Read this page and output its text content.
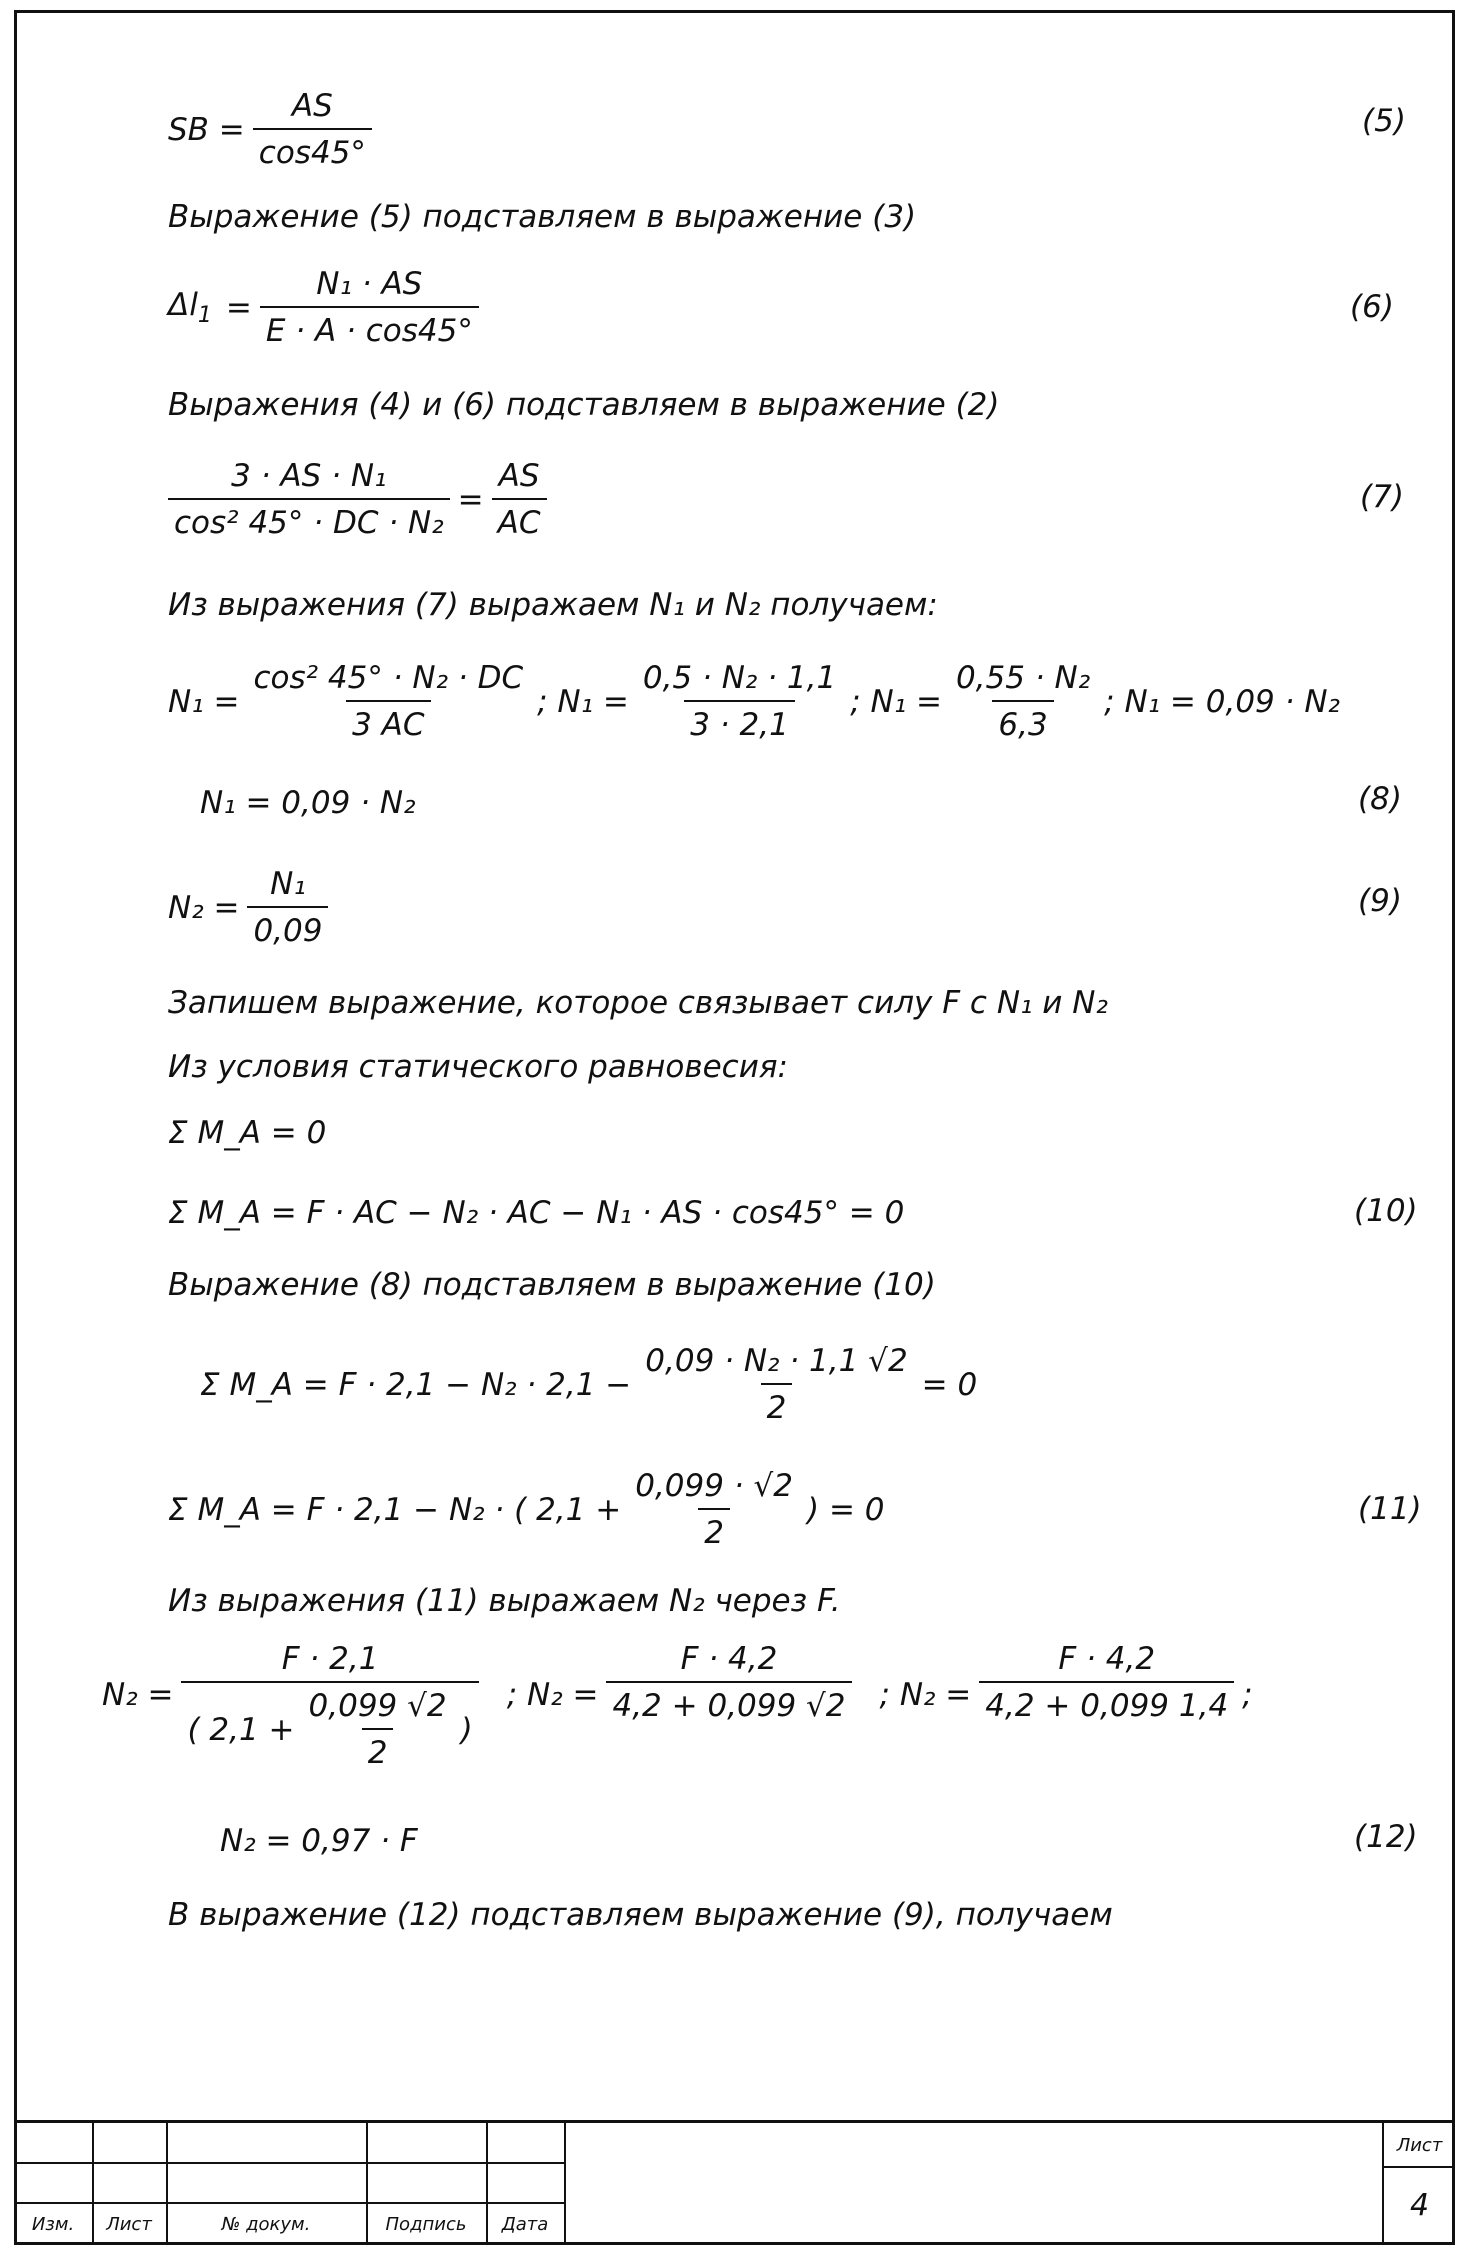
SB = $\frac{AS}{\cos 45^\circ}$	(5)
Выражение (5) подставляем в выражение (3)
$\Delta l_1 = \frac{\text{N₁ · AS}}{E \cdot A \cdot \cos 45^\circ}$	(6)
Выражения (4) и (6) подставляем в выражение (2)
$\frac{\text{3 · AS · N₁}}{\text{cos² 45° · DC · N₂}} = \frac{AS}{AC}$	(7)
Из выражения (7) выражаем N₁ и N₂ получаем:
$N_1 = \frac{\text{cos² 45° · N₂ · DC}}{3 AC}$ ; $N_1 = \frac{\text{0,5 · N₂ · 1,1}}{3 \cdot 2,1}$ ; $N_1 = \frac{\text{0,55 · N₂}}{6,3}$ ; N₁ = 0,09 · N₂
N₁ = 0,09 · N₂	(8)
$N_2 = \frac{\text{N₁}}{0,09}$	(9)
Запишем выражение, которое связывает силу F с N₁ и N₂
Из условия статического равновесия:
Σ M_A = 0
Σ M_A = F · AC − N₂ · AC − N₁ · AS · cos45° = 0	(10)
Выражение (8) подставляем в выражение (10)
Σ M_A = $F \cdot 2,1 - N_2 \cdot 2,1 - \frac{\text{0,09 · N₂ · 1,1 √2}}{2} = 0$
Σ M_A = F · 2,1 − N₂ · ( $2,1 + \frac{0,099 \cdot √2}{2}$ ) = 0	(11)
Из выражения (11) выражаем N₂ через F.
$N_2 = \frac{F \cdot 2,1}{( 2,1 + \frac{0,099 √2}{2} )}$ ; $N_2 = \frac{F \cdot 4,2}{4,2 + 0,099 √2}$ ; $N_2 = \frac{F \cdot 4,2}{4,2 + 0,099 1,4}$ ;
N₂ = 0,97 · F	(12)
В выражение (12) подставляем выражение (9), получаем
Изм.	Лист	№ докум.	Подпись	Дата
Лист
4
